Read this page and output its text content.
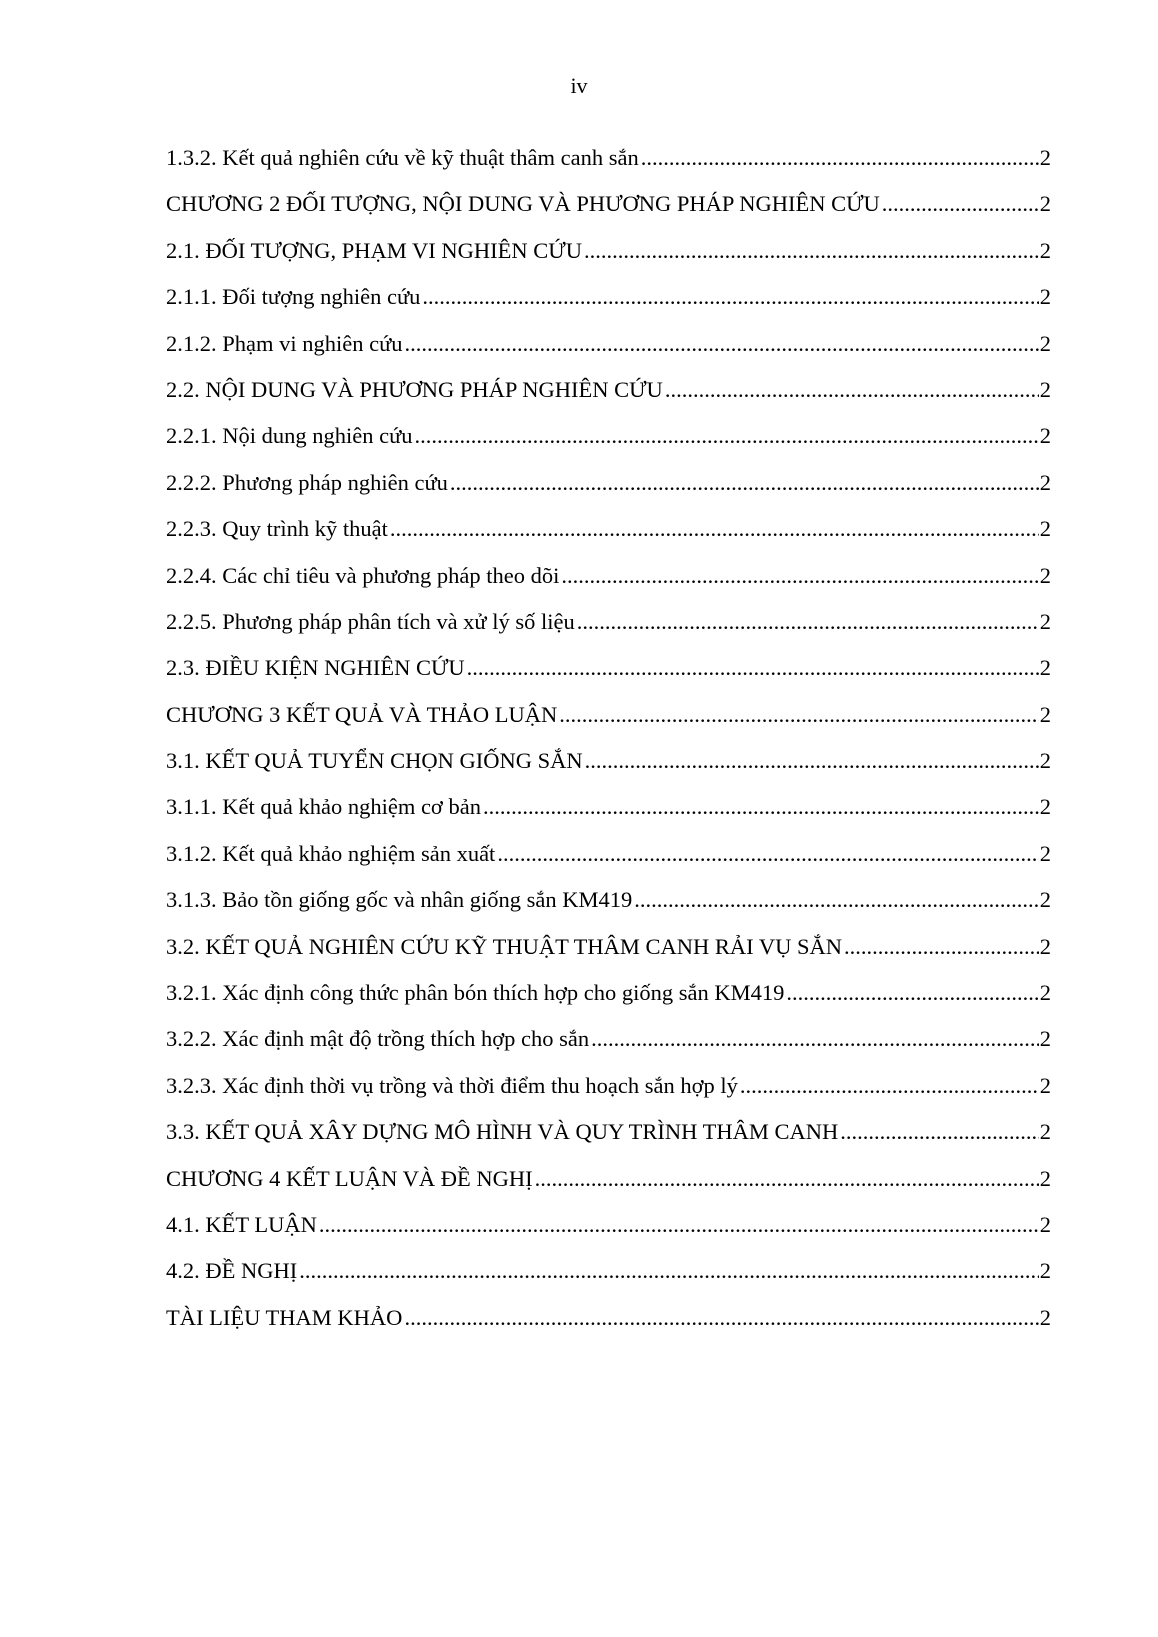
iv
1.3.2. Kết quả nghiên cứu về kỹ thuật thâm canh sắn .....	2
CHƯƠNG 2 ĐỐI TƯỢNG, NỘI DUNG VÀ PHƯƠNG PHÁP NGHIÊN CỨU .....	2
2.1. ĐỐI TƯỢNG, PHẠM VI NGHIÊN CỨU .....	2
2.1.1. Đối tượng nghiên cứu .....	2
2.1.2. Phạm vi nghiên cứu .....	2
2.2. NỘI DUNG VÀ PHƯƠNG PHÁP NGHIÊN CỨU .....	2
2.2.1. Nội dung nghiên cứu .....	2
2.2.2. Phương pháp nghiên cứu .....	2
2.2.3. Quy trình kỹ thuật .....	2
2.2.4. Các chỉ tiêu và phương pháp theo dõi .....	2
2.2.5. Phương pháp phân tích và xử lý số liệu .....	2
2.3. ĐIỀU KIỆN NGHIÊN CỨU .....	2
CHƯƠNG 3 KẾT QUẢ VÀ THẢO LUẬN .....	2
3.1. KẾT QUẢ TUYỂN CHỌN GIỐNG SẮN .....	2
3.1.1. Kết quả khảo nghiệm cơ bản .....	2
3.1.2. Kết quả khảo nghiệm sản xuất .....	2
3.1.3. Bảo tồn giống gốc và nhân giống sắn KM419 .....	2
3.2. KẾT QUẢ NGHIÊN CỨU KỸ THUẬT THÂM CANH RẢI VỤ SẮN .....	2
3.2.1. Xác định công thức phân bón thích hợp cho giống sắn KM419 .....	2
3.2.2. Xác định mật độ trồng thích hợp cho sắn .....	2
3.2.3. Xác định thời vụ trồng và thời điểm thu hoạch sắn hợp lý .....	2
3.3. KẾT QUẢ XÂY DỰNG MÔ HÌNH VÀ QUY TRÌNH THÂM CANH .....	2
CHƯƠNG 4 KẾT LUẬN VÀ ĐỀ NGHỊ .....	2
4.1. KẾT LUẬN .....	2
4.2. ĐỀ NGHỊ .....	2
TÀI LIỆU THAM KHẢO .....	2
